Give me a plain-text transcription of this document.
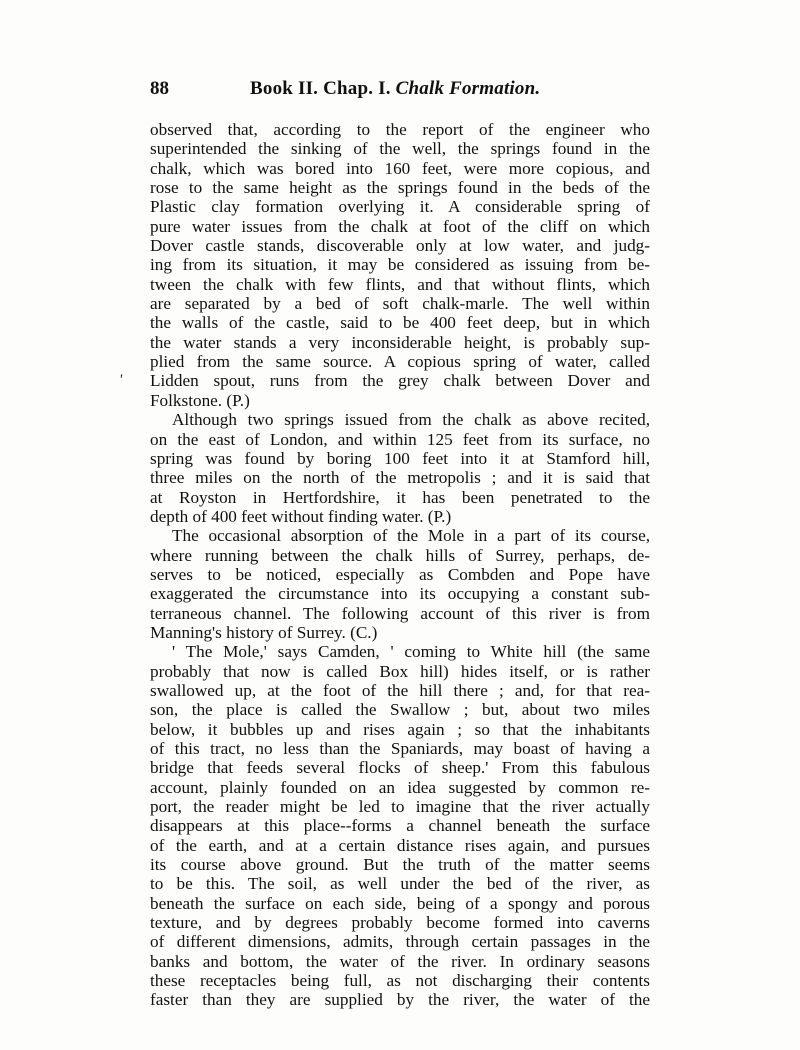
88	Book II. Chap. I. Chalk Formation.
'
observed that, according to the report of the engineer who
superintended the sinking of the well, the springs found in the
chalk, which was bored into 160 feet, were more copious, and
rose to the same height as the springs found in the beds of the
Plastic clay formation overlying it. A considerable spring of
pure water issues from the chalk at foot of the cliff on which
Dover castle stands, discoverable only at low water, and judg-
ing from its situation, it may be considered as issuing from be-
tween the chalk with few flints, and that without flints, which
are separated by a bed of soft chalk-marle. The well within
the walls of the castle, said to be 400 feet deep, but in which
the water stands a very inconsiderable height, is probably sup-
plied from the same source. A copious spring of water, called
Lidden spout, runs from the grey chalk between Dover and
Folkstone. (P.)
Although two springs issued from the chalk as above recited,
on the east of London, and within 125 feet from its surface, no
spring was found by boring 100 feet into it at Stamford hill,
three miles on the north of the metropolis ; and it is said that
at Royston in Hertfordshire, it has been penetrated to the
depth of 400 feet without finding water. (P.)
The occasional absorption of the Mole in a part of its course,
where running between the chalk hills of Surrey, perhaps, de-
serves to be noticed, especially as Combden and Pope have
exaggerated the circumstance into its occupying a constant sub-
terraneous channel. The following account of this river is from
Manning's history of Surrey. (C.)
' The Mole,' says Camden, ' coming to White hill (the same
probably that now is called Box hill) hides itself, or is rather
swallowed up, at the foot of the hill there ; and, for that rea-
son, the place is called the Swallow ; but, about two miles
below, it bubbles up and rises again ; so that the inhabitants
of this tract, no less than the Spaniards, may boast of having a
bridge that feeds several flocks of sheep.' From this fabulous
account, plainly founded on an idea suggested by common re-
port, the reader might be led to imagine that the river actually
disappears at this place--forms a channel beneath the surface
of the earth, and at a certain distance rises again, and pursues
its course above ground. But the truth of the matter seems
to be this. The soil, as well under the bed of the river, as
beneath the surface on each side, being of a spongy and porous
texture, and by degrees probably become formed into caverns
of different dimensions, admits, through certain passages in the
banks and bottom, the water of the river. In ordinary seasons
these receptacles being full, as not discharging their contents
faster than they are supplied by the river, the water of the
